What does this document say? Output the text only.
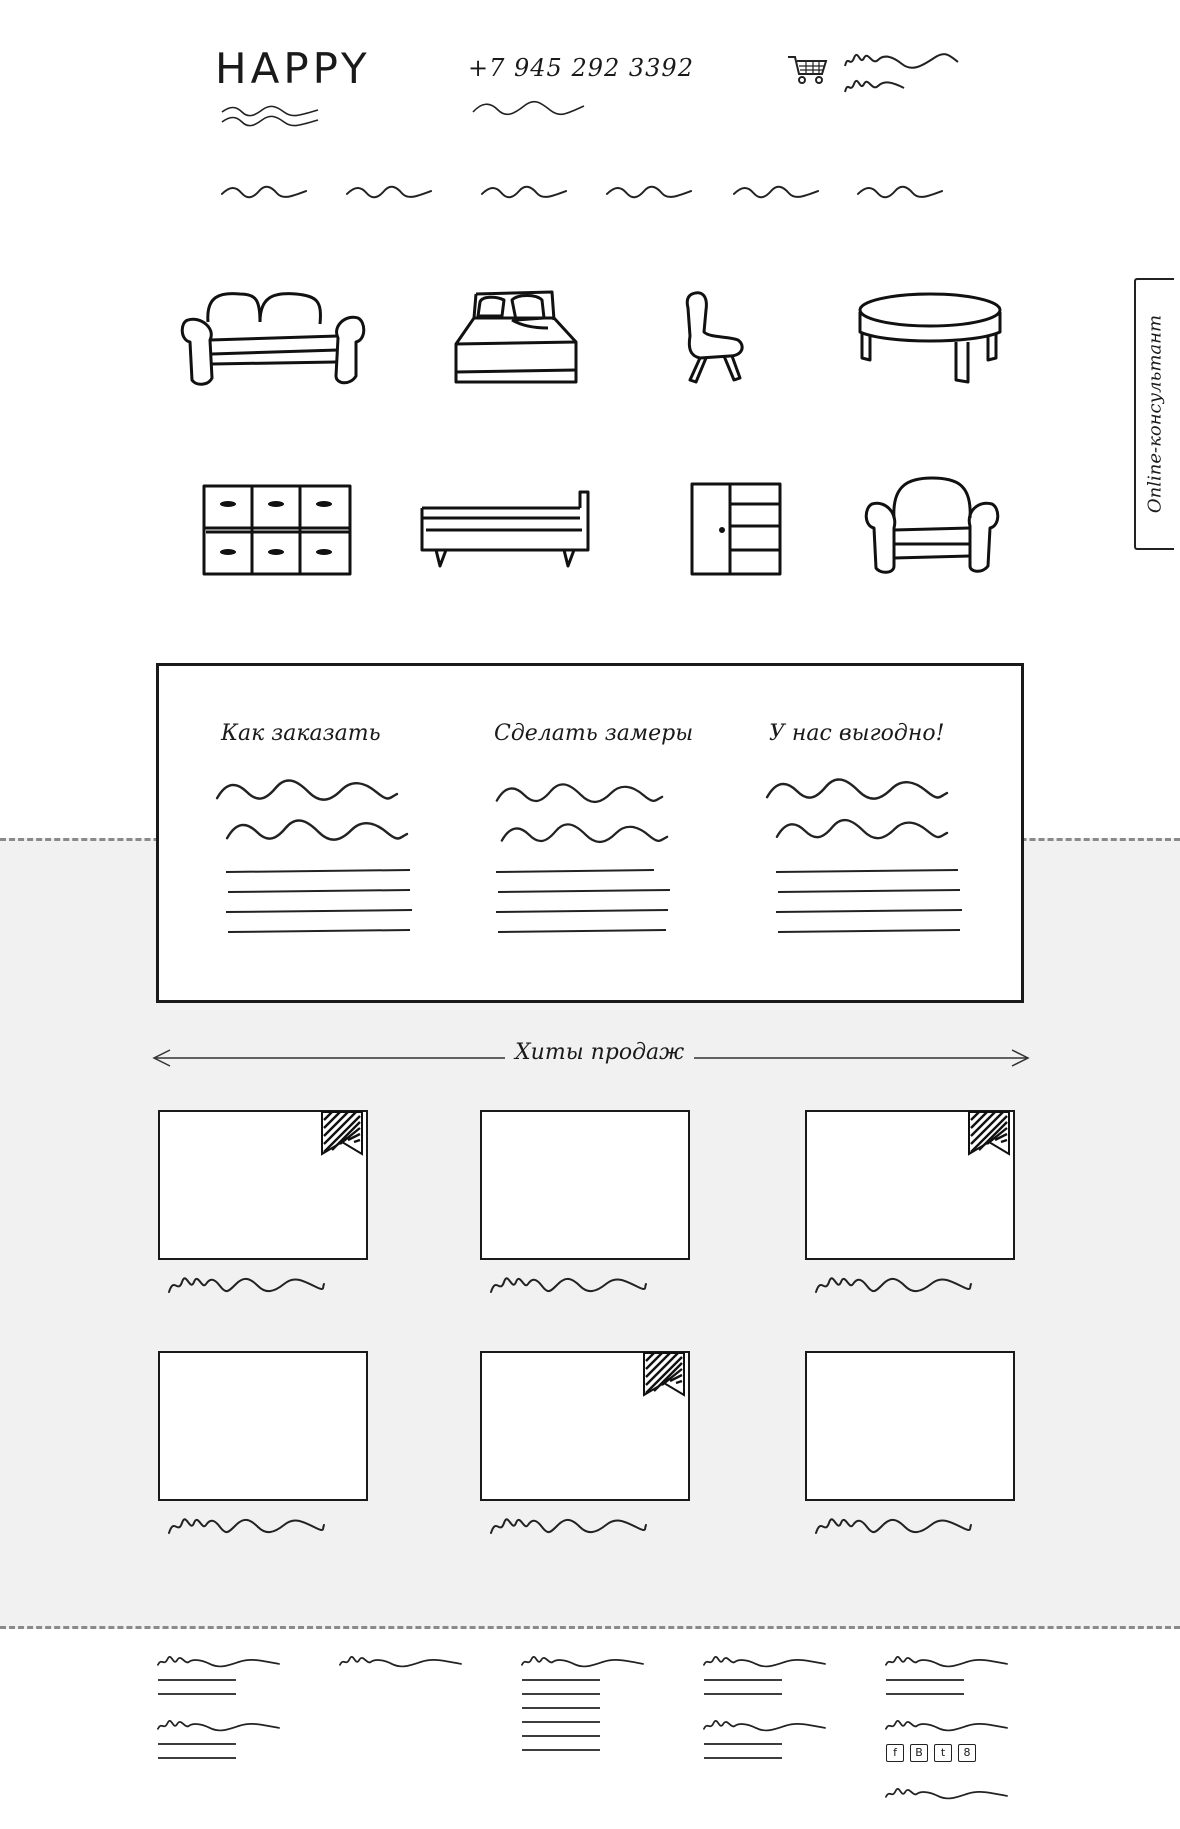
HAPPY	+7 945 292 3392
Online-консультант
Как заказать	Сделать замеры	У нас выгодно!
Хиты продаж
f	B	t	8
